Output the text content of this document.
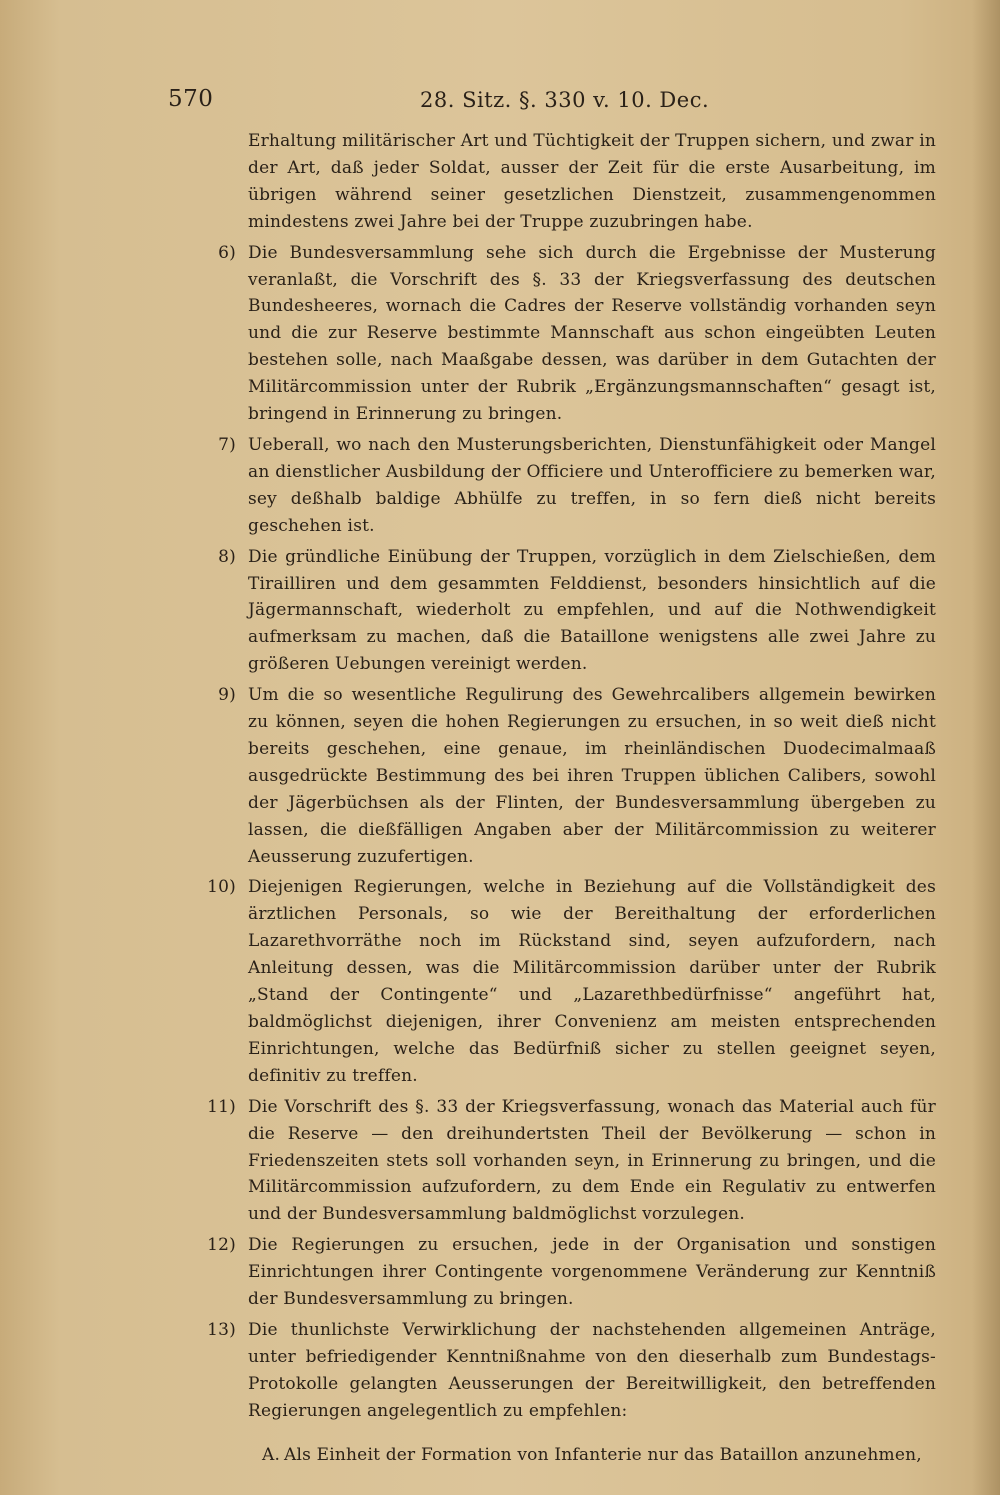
570	28. Sitz. §. 330 v. 10. Dec.

Erhaltung militärischer Art und Tüchtigkeit der Truppen sichern, und zwar in der Art, daß jeder Soldat, ausser der Zeit für die erste Ausarbeitung, im übrigen während seiner gesetzlichen Dienstzeit, zusammengenommen mindestens zwei Jahre bei der Truppe zuzubringen habe.

6) Die Bundesversammlung sehe sich durch die Ergebnisse der Musterung veranlaßt, die Vorschrift des §. 33 der Kriegsverfassung des deutschen Bundesheeres, wornach die Cadres der Reserve vollständig vorhanden seyn und die zur Reserve bestimmte Mannschaft aus schon eingeübten Leuten bestehen solle, nach Maaßgabe dessen, was darüber in dem Gutachten der Militärcommission unter der Rubrik „Ergänzungsmannschaften“ gesagt ist, bringend in Erinnerung zu bringen.

7) Ueberall, wo nach den Musterungsberichten, Dienstunfähigkeit oder Mangel an dienstlicher Ausbildung der Officiere und Unterofficiere zu bemerken war, sey deßhalb baldige Abhülfe zu treffen, in so fern dieß nicht bereits geschehen ist.

8) Die gründliche Einübung der Truppen, vorzüglich in dem Zielschießen, dem Tirailliren und dem gesammten Felddienst, besonders hinsichtlich auf die Jägermannschaft, wiederholt zu empfehlen, und auf die Nothwendigkeit aufmerksam zu machen, daß die Bataillone wenigstens alle zwei Jahre zu größeren Uebungen vereinigt werden.

9) Um die so wesentliche Regulirung des Gewehrcalibers allgemein bewirken zu können, seyen die hohen Regierungen zu ersuchen, in so weit dieß nicht bereits geschehen, eine genaue, im rheinländischen Duodecimalmaaß ausgedrückte Bestimmung des bei ihren Truppen üblichen Calibers, sowohl der Jägerbüchsen als der Flinten, der Bundesversammlung übergeben zu lassen, die dießfälligen Angaben aber der Militärcommission zu weiterer Aeusserung zuzufertigen.

10) Diejenigen Regierungen, welche in Beziehung auf die Vollständigkeit des ärztlichen Personals, so wie der Bereithaltung der erforderlichen Lazarethvorräthe noch im Rückstand sind, seyen aufzufordern, nach Anleitung dessen, was die Militärcommission darüber unter der Rubrik „Stand der Contingente“ und „Lazarethbedürfnisse“ angeführt hat, baldmöglichst diejenigen, ihrer Convenienz am meisten entsprechenden Einrichtungen, welche das Bedürfniß sicher zu stellen geeignet seyen, definitiv zu treffen.

11) Die Vorschrift des §. 33 der Kriegsverfassung, wonach das Material auch für die Reserve — den dreihundertsten Theil der Bevölkerung — schon in Friedenszeiten stets soll vorhanden seyn, in Erinnerung zu bringen, und die Militärcommission aufzufordern, zu dem Ende ein Regulativ zu entwerfen und der Bundesversammlung baldmöglichst vorzulegen.

12) Die Regierungen zu ersuchen, jede in der Organisation und sonstigen Einrichtungen ihrer Contingente vorgenommene Veränderung zur Kenntniß der Bundesversammlung zu bringen.

13) Die thunlichste Verwirklichung der nachstehenden allgemeinen Anträge, unter befriedigender Kenntnißnahme von den dieserhalb zum Bundestags-Protokolle gelangten Aeusserungen der Bereitwilligkeit, den betreffenden Regierungen angelegentlich zu empfehlen:

A. Als Einheit der Formation von Infanterie nur das Bataillon anzunehmen,
